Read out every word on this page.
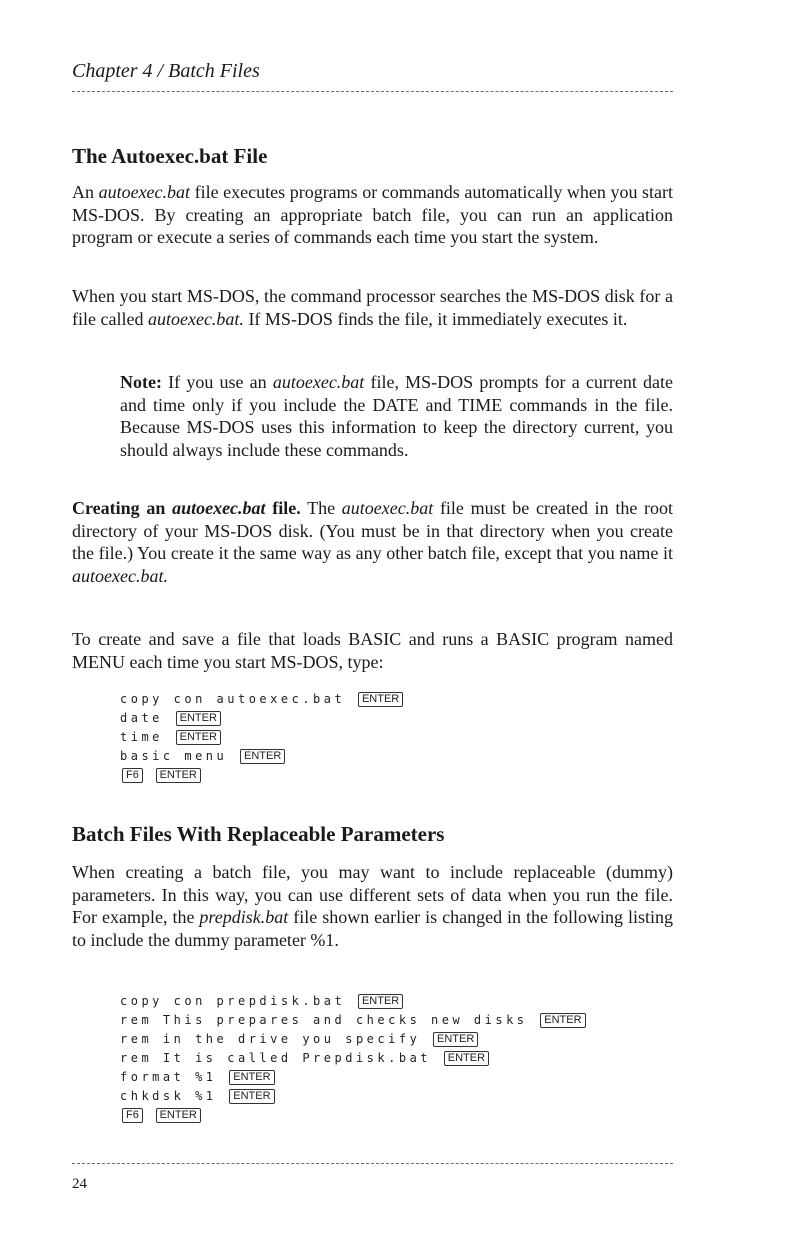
Chapter 4 / Batch Files
The Autoexec.bat File

An autoexec.bat file executes programs or commands automatically when you start MS-DOS. By creating an appropriate batch file, you can run an application program or execute a series of commands each time you start the system.

When you start MS-DOS, the command processor searches the MS-DOS disk for a file called autoexec.bat. If MS-DOS finds the file, it immediately executes it.

Note: If you use an autoexec.bat file, MS-DOS prompts for a current date and time only if you include the DATE and TIME commands in the file. Because MS-DOS uses this information to keep the directory current, you should always include these commands.

Creating an autoexec.bat file. The autoexec.bat file must be created in the root directory of your MS-DOS disk. (You must be in that directory when you create the file.) You create it the same way as any other batch file, except that you name it autoexec.bat.

To create and save a file that loads BASIC and runs a BASIC program named MENU each time you start MS-DOS, type:

copy con autoexec.bat ENTER
date ENTER
time ENTER
basic menu ENTER
F6 ENTER
Batch Files With Replaceable Parameters

When creating a batch file, you may want to include replaceable (dummy) parameters. In this way, you can use different sets of data when you run the file. For example, the prepdisk.bat file shown earlier is changed in the following listing to include the dummy parameter %1.

copy con prepdisk.bat ENTER
rem This prepares and checks new disks ENTER
rem in the drive you specify ENTER
rem It is called Prepdisk.bat ENTER
format %1 ENTER
chkdsk %1 ENTER
F6 ENTER
24
